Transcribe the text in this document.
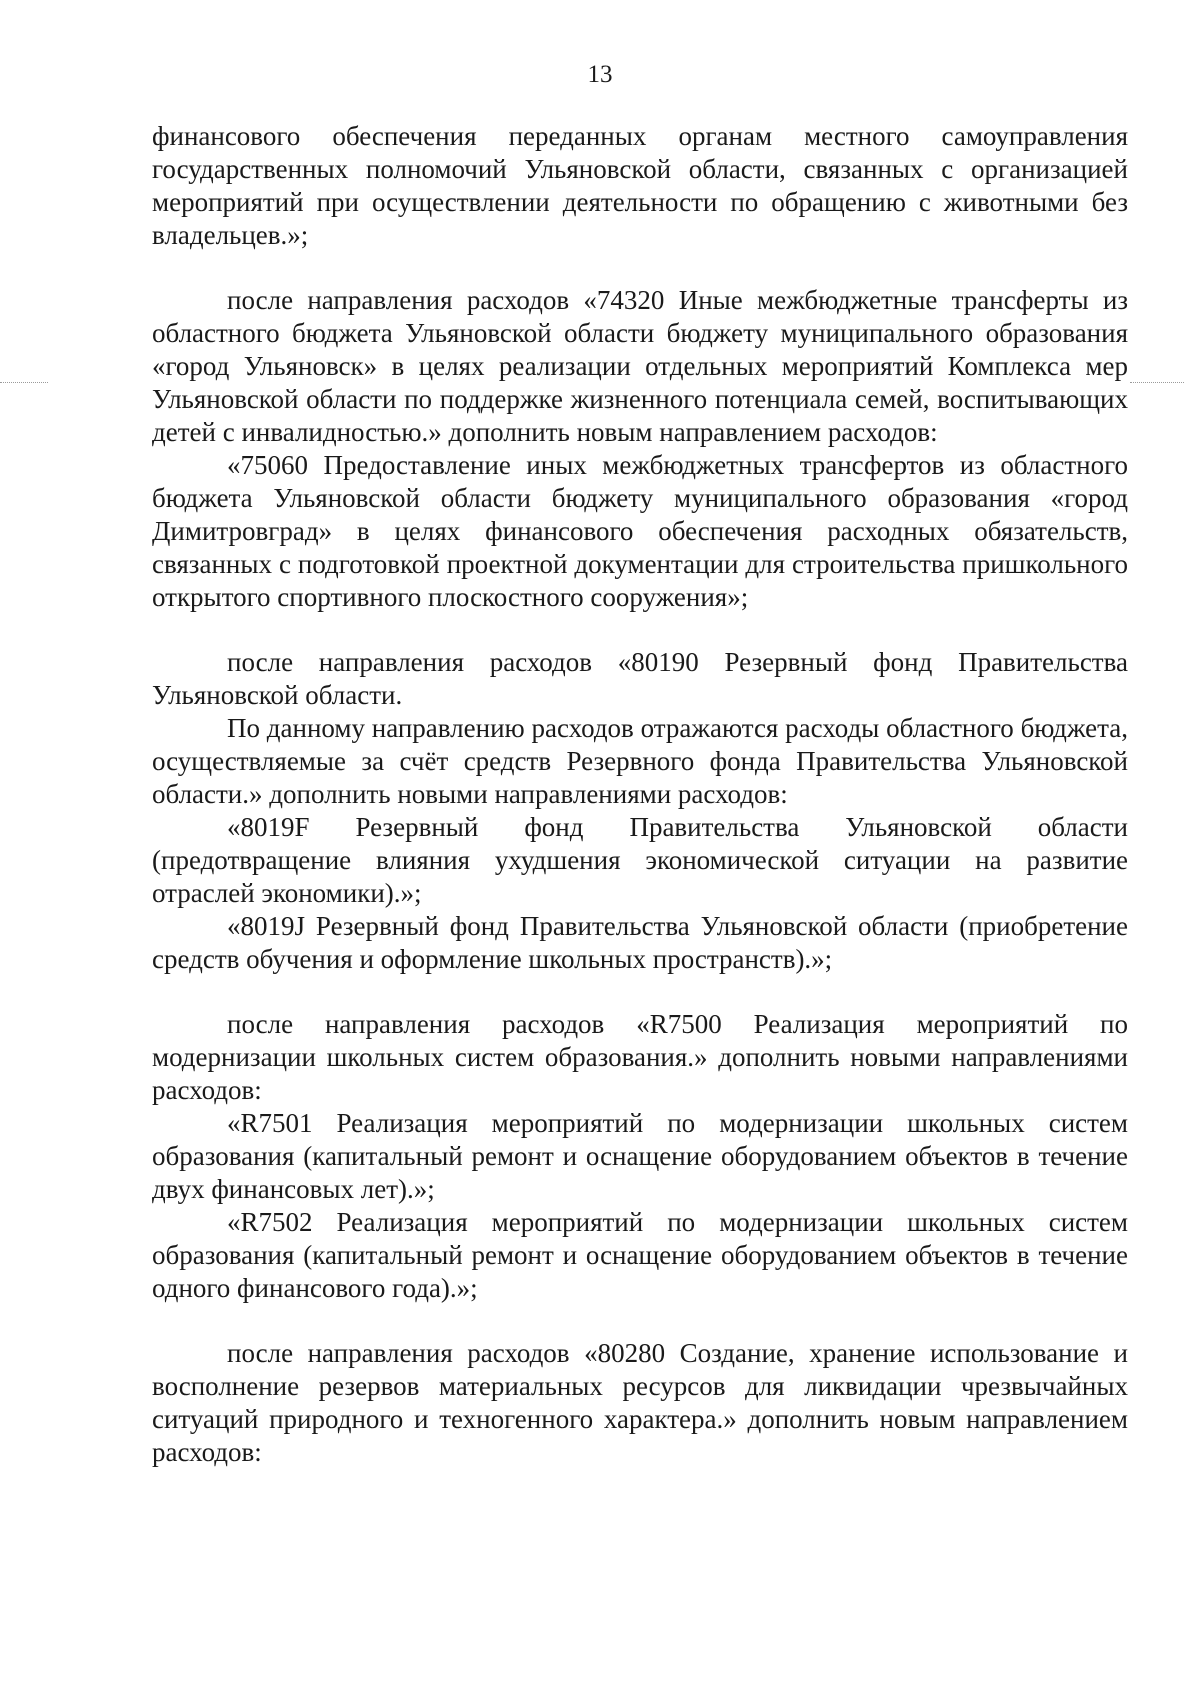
13

финансового обеспечения переданных органам местного самоуправления государственных полномочий Ульяновской области, связанных с организацией мероприятий при осуществлении деятельности по обращению с животными без владельцев.»;

после направления расходов «74320 Иные межбюджетные трансферты из областного бюджета Ульяновской области бюджету муниципального образования «город Ульяновск» в целях реализации отдельных мероприятий Комплекса мер Ульяновской области по поддержке жизненного потенциала семей, воспитывающих детей с инвалидностью.» дополнить новым направлением расходов:

«75060 Предоставление иных межбюджетных трансфертов из областного бюджета Ульяновской области бюджету муниципального образования «город Димитровград» в целях финансового обеспечения расходных обязательств, связанных с подготовкой проектной документации для строительства пришкольного открытого спортивного плоскостного сооружения»;

после направления расходов «80190 Резервный фонд Правительства Ульяновской области.

По данному направлению расходов отражаются расходы областного бюджета, осуществляемые за счёт средств Резервного фонда Правительства Ульяновской области.» дополнить новыми направлениями расходов:

«8019F Резервный фонд Правительства Ульяновской области (предотвращение влияния ухудшения экономической ситуации на развитие отраслей экономики).»;

«8019J Резервный фонд Правительства Ульяновской области (приобретение средств обучения и оформление школьных пространств).»;

после направления расходов «R7500 Реализация мероприятий по модернизации школьных систем образования.» дополнить новыми направлениями расходов:

«R7501 Реализация мероприятий по модернизации школьных систем образования (капитальный ремонт и оснащение оборудованием объектов в течение двух финансовых лет).»;

«R7502 Реализация мероприятий по модернизации школьных систем образования (капитальный ремонт и оснащение оборудованием объектов в течение одного финансового года).»;

после направления расходов «80280 Создание, хранение использование и восполнение резервов материальных ресурсов для ликвидации чрезвычайных ситуаций природного и техногенного характера.» дополнить новым направлением расходов:
